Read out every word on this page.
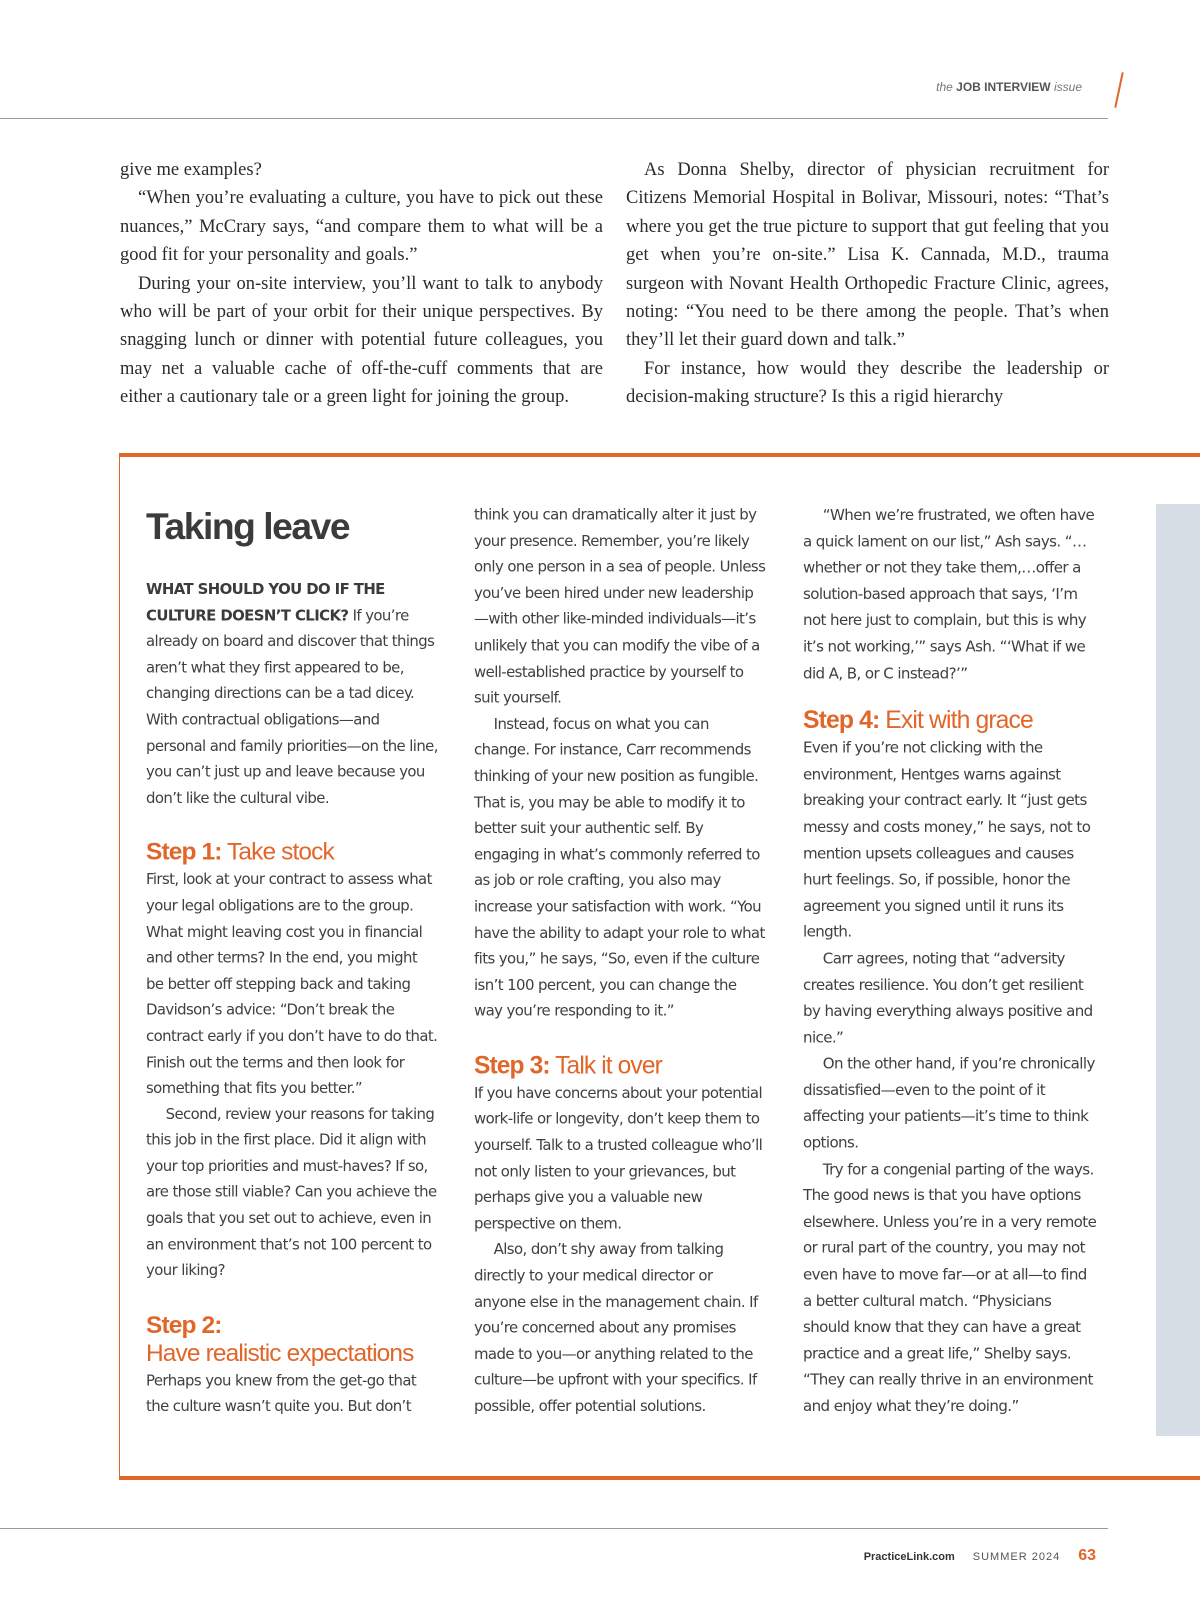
the JOB INTERVIEW issue

give me examples?

“When you’re evaluating a culture, you have to pick out these nuances,” McCrary says, “and compare them to what will be a good fit for your personality and goals.”

During your on-site interview, you’ll want to talk to anybody who will be part of your orbit for their unique perspectives. By snagging lunch or dinner with potential future colleagues, you may net a valuable cache of off-the-cuff comments that are either a cautionary tale or a green light for joining the group.

As Donna Shelby, director of physician recruitment for Citizens Memorial Hospital in Bolivar, Missouri, notes: “That’s where you get the true picture to support that gut feeling that you get when you’re on-site.” Lisa K. Cannada, M.D., trauma surgeon with Novant Health Orthopedic Fracture Clinic, agrees, noting: “You need to be there among the people. That’s when they’ll let their guard down and talk.”

For instance, how would they describe the leadership or decision-making structure? Is this a rigid hierarchy

Taking leave

WHAT SHOULD YOU DO IF THE CULTURE DOESN’T CLICK? If you’re already on board and discover that things aren’t what they first appeared to be, changing directions can be a tad dicey. With contractual obligations—and personal and family priorities—on the line, you can’t just up and leave because you don’t like the cultural vibe.

Step 1: Take stock

First, look at your contract to assess what your legal obligations are to the group. What might leaving cost you in financial and other terms? In the end, you might be better off stepping back and taking Davidson’s advice: “Don’t break the contract early if you don’t have to do that. Finish out the terms and then look for something that fits you better.”

Second, review your reasons for taking this job in the first place. Did it align with your top priorities and must-haves? If so, are those still viable? Can you achieve the goals that you set out to achieve, even in an environment that’s not 100 percent to your liking?

Step 2:
Have realistic expectations

Perhaps you knew from the get-go that the culture wasn’t quite you. But don’t

think you can dramatically alter it just by your presence. Remember, you’re likely only one person in a sea of people. Unless you’ve been hired under new leadership—with other like-minded individuals—it’s unlikely that you can modify the vibe of a well-established practice by yourself to suit yourself.

Instead, focus on what you can change. For instance, Carr recommends thinking of your new position as fungible. That is, you may be able to modify it to better suit your authentic self. By engaging in what’s commonly referred to as job or role crafting, you also may increase your satisfaction with work. “You have the ability to adapt your role to what fits you,” he says, “So, even if the culture isn’t 100 percent, you can change the way you’re responding to it.”

Step 3: Talk it over

If you have concerns about your potential work-life or longevity, don’t keep them to yourself. Talk to a trusted colleague who’ll not only listen to your grievances, but perhaps give you a valuable new perspective on them.

Also, don’t shy away from talking directly to your medical director or anyone else in the management chain. If you’re concerned about any promises made to you—or anything related to the culture—be upfront with your specifics. If possible, offer potential solutions.

“When we’re frustrated, we often have a quick lament on our list,” Ash says. “… whether or not they take them,…offer a solution-based approach that says, ‘I’m not here just to complain, but this is why it’s not working,’” says Ash. “‘What if we did A, B, or C instead?’”

Step 4: Exit with grace

Even if you’re not clicking with the environment, Hentges warns against breaking your contract early. It “just gets messy and costs money,” he says, not to mention upsets colleagues and causes hurt feelings. So, if possible, honor the agreement you signed until it runs its length.

Carr agrees, noting that “adversity creates resilience. You don’t get resilient by having everything always positive and nice.”

On the other hand, if you’re chronically dissatisfied—even to the point of it affecting your patients—it’s time to think options.

Try for a congenial parting of the ways. The good news is that you have options elsewhere. Unless you’re in a very remote or rural part of the country, you may not even have to move far—or at all—to find a better cultural match. “Physicians should know that they can have a great practice and a great life,” Shelby says. “They can really thrive in an environment and enjoy what they’re doing.”

PracticeLink.com SUMMER 2024 63
